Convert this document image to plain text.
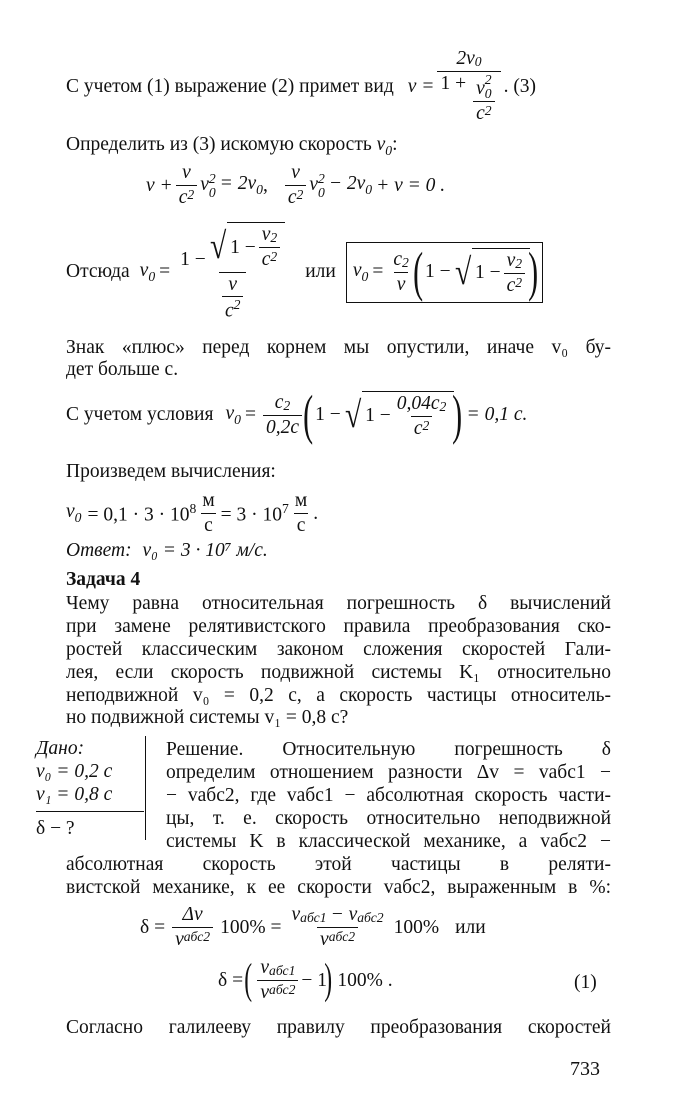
С учетом (1) выражение (2) примет вид v = 2v 0
1 + v 2
0
c 2 . (3)
Определить из (3) искомую скорость $v_0$:
$v + \frac{v}{c 2}$ v 2
$0 = 2v_0$ , $\frac{v}{c 2}$ v 2
$0 - 2v_0 + v = 0$ .
Отсюда $v_0 = 1$ − √ $1 - \frac{v 2}{c 2}$
v
$c^2$ или $v_0 = \frac{c 2}{v}$ ( 1 − √ $1 - \frac{v 2}{c 2}$ )
Знак «плюс» перед корнем мы опустили, иначе v₀ бу-
дет больше c.
С учетом условия $v_0 = \frac{c 2}{0,2c}$ ( 1 − √ $1 - \frac{0,04c 2}{c 2}$ ) = 0,1 c.
Произведем вычисления:
$v_0 = 0,1 \cdot 3 \cdot 10^8 \frac{м}{с} = 3 \cdot 10^7 \frac{м}{с}$ .
Ответ: v₀ = 3 · 10⁷ м/с.
Задача 4
Чему равна относительная погрешность δ вычислений
при замене релятивистского правила преобразования ско-
ростей классическим законом сложения скоростей Гали-
лея, если скорость подвижной системы K₁ относительно
неподвижной v₀ = 0,2 c, а скорость частицы относитель-
но подвижной системы v₁ = 0,8 c?
Дано:
v₀ = 0,2 c
v₁ = 0,8 c
δ − ?
Решение. Относительную погрешность δ
определим отношением разности Δv = vабс1 −
− vабс2, где vабс1 − абсолютная скорость части-
цы, т. е. скорость относительно неподвижной
системы K в классической механике, а vабс2 −
абсолютная скорость этой частицы в реляти-
вистской механике, к ее скорости vабс2, выраженным в %:
$\delta = \frac{\Delta v}{\text{v абс2}} 100\% = \frac{\text{v абс1 − v абс2}}{\text{v абс2}} 100\%$ или
δ = ( $\frac{\text{v абс1}}{\text{v абс2}} - 1$
) 100% .	(1)
Согласно галилееву правилу преобразования скоростей
733
